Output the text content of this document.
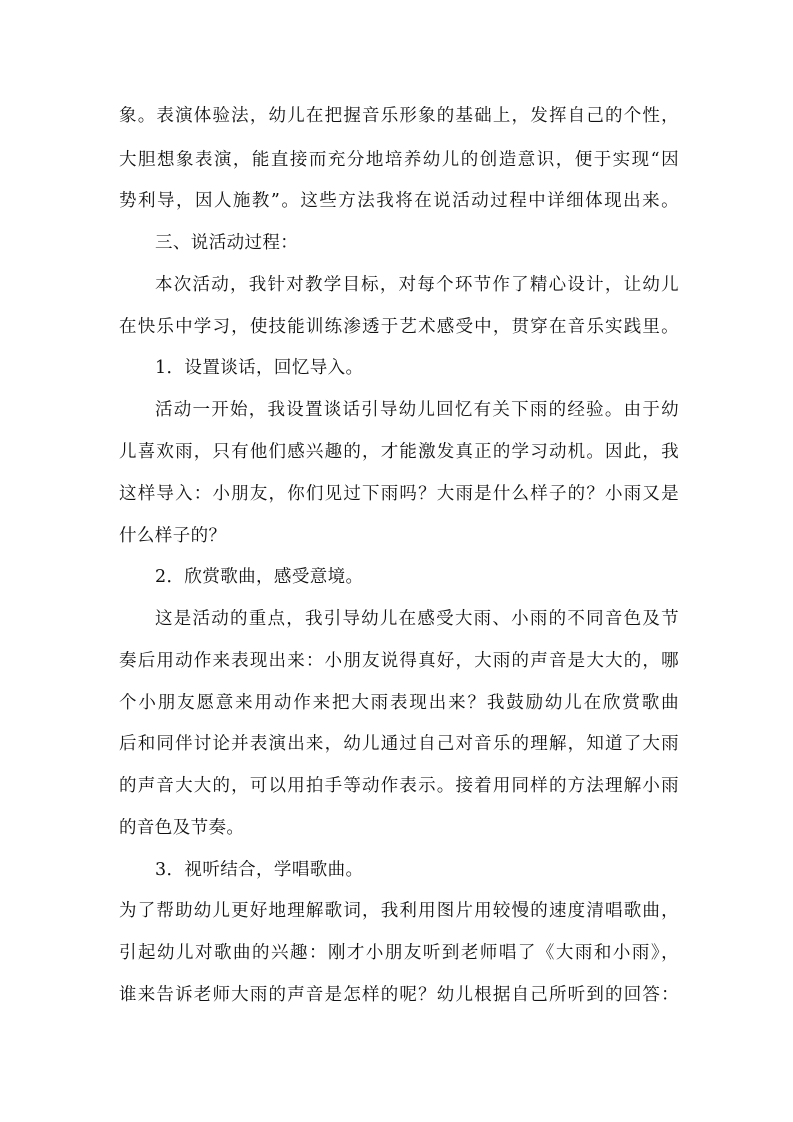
象。表演体验法，幼儿在把握音乐形象的基础上，发挥自己的个性，
大胆想象表演，能直接而充分地培养幼儿的创造意识，便于实现“因
势利导，因人施教”。这些方法我将在说活动过程中详细体现出来。
三、说活动过程：
本次活动，我针对教学目标，对每个环节作了精心设计，让幼儿
在快乐中学习，使技能训练渗透于艺术感受中，贯穿在音乐实践里。
1．设置谈话，回忆导入。
活动一开始，我设置谈话引导幼儿回忆有关下雨的经验。由于幼
儿喜欢雨，只有他们感兴趣的，才能激发真正的学习动机。因此，我
这样导入：小朋友，你们见过下雨吗？大雨是什么样子的？小雨又是
什么样子的？
2．欣赏歌曲，感受意境。
这是活动的重点，我引导幼儿在感受大雨、小雨的不同音色及节
奏后用动作来表现出来：小朋友说得真好，大雨的声音是大大的，哪
个小朋友愿意来用动作来把大雨表现出来？我鼓励幼儿在欣赏歌曲
后和同伴讨论并表演出来，幼儿通过自己对音乐的理解，知道了大雨
的声音大大的，可以用拍手等动作表示。接着用同样的方法理解小雨
的音色及节奏。
3．视听结合，学唱歌曲。
为了帮助幼儿更好地理解歌词，我利用图片用较慢的速度清唱歌曲，
引起幼儿对歌曲的兴趣：刚才小朋友听到老师唱了《大雨和小雨》，
谁来告诉老师大雨的声音是怎样的呢？幼儿根据自己所听到的回答：
